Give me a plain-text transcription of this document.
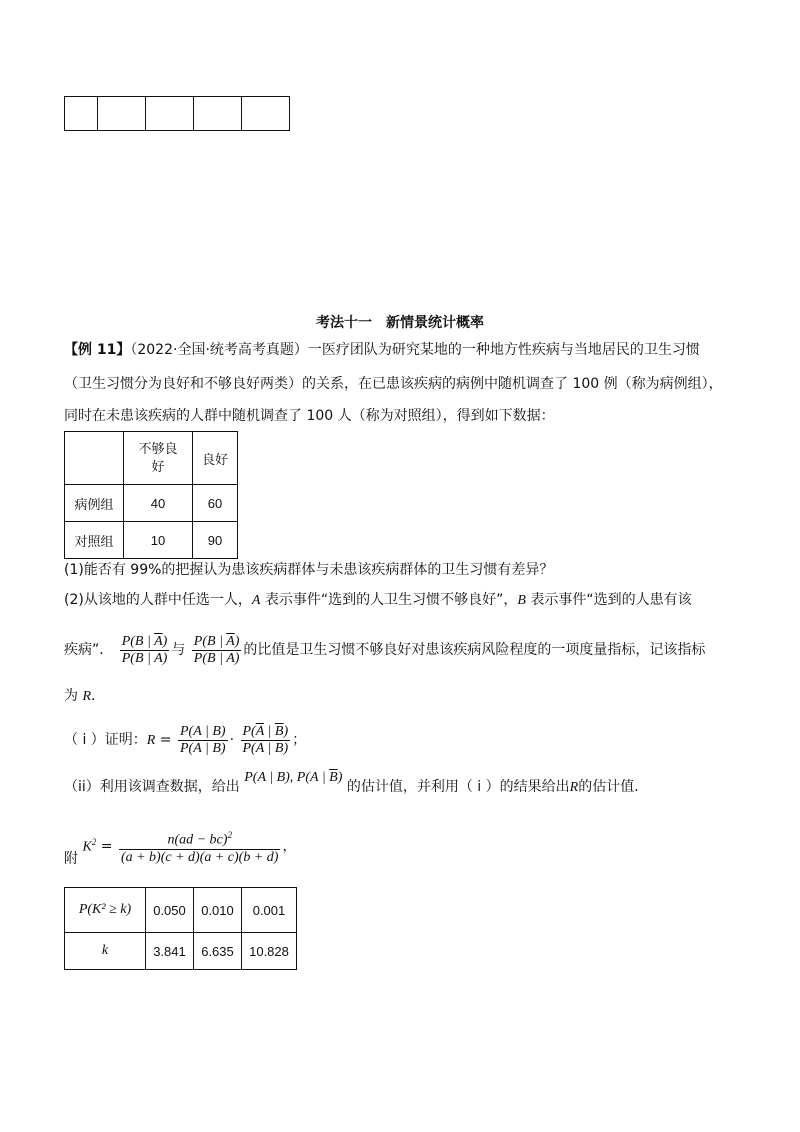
考法十一　新情景统计概率
【例 11】（2022·全国·统考高考真题）一医疗团队为研究某地的一种地方性疾病与当地居民的卫生习惯
（卫生习惯分为良好和不够良好两类）的关系，在已患该疾病的病例中随机调查了 100 例（称为病例组），
同时在未患该疾病的人群中随机调查了 100 人（称为对照组），得到如下数据：

	不够良好	良好
病例组	40	60
对照组	10	90
(1)能否有 99%的把握认为患该疾病群体与未患该疾病群体的卫生习惯有差异？
(2)从该地的人群中任选一人，A 表示事件“选到的人卫生习惯不够良好”，B 表示事件“选到的人患有该
疾病”． $\frac{P(B | \overline{A})}{P(\overline{B} | \overline{A})}$ 与 $\frac{P(B | \overline{A})}{P(\overline{B} | \overline{A})}$ 的比值是卫生习惯不够良好对患该疾病风险程度的一项度量指标，记该指标
为 R.
（ i ）证明：$R = \frac{P(A | B)}{P(\overline{A} | B)} \cdot \frac{P(\overline{A} | \overline{B})}{P(A | \overline{B})}$ ；
（ii）利用该调查数据，给出 P(A | B), P(A | $\overline{B}$) 的估计值，并利用（ i ）的结果给出R的估计值．
附 $K^2 = \frac{n(ad - bc)^2}{(a + b)(c + d)(a + c)(b + d)}$ ，
P(K² ≥ k)	0.050	0.010	0.001
k	3.841	6.635	10.828
